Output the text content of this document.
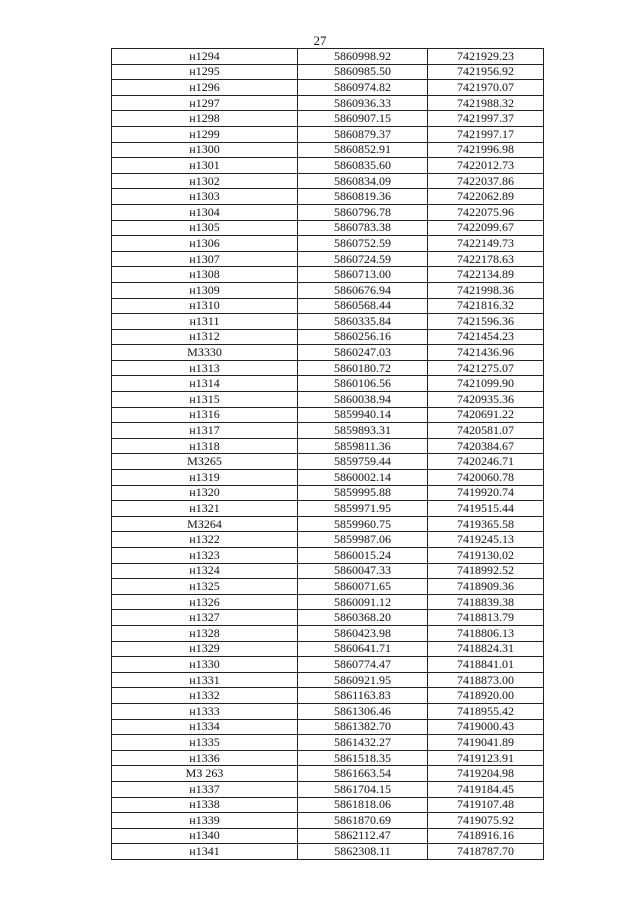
27
н1294	5860998.92	7421929.23
н1295	5860985.50	7421956.92
н1296	5860974.82	7421970.07
н1297	5860936.33	7421988.32
н1298	5860907.15	7421997.37
н1299	5860879.37	7421997.17
н1300	5860852.91	7421996.98
н1301	5860835.60	7422012.73
н1302	5860834.09	7422037.86
н1303	5860819.36	7422062.89
н1304	5860796.78	7422075.96
н1305	5860783.38	7422099.67
н1306	5860752.59	7422149.73
н1307	5860724.59	7422178.63
н1308	5860713.00	7422134.89
н1309	5860676.94	7421998.36
н1310	5860568.44	7421816.32
н1311	5860335.84	7421596.36
н1312	5860256.16	7421454.23
МЗ330	5860247.03	7421436.96
н1313	5860180.72	7421275.07
н1314	5860106.56	7421099.90
н1315	5860038.94	7420935.36
н1316	5859940.14	7420691.22
н1317	5859893.31	7420581.07
н1318	5859811.36	7420384.67
МЗ265	5859759.44	7420246.71
н1319	5860002.14	7420060.78
н1320	5859995.88	7419920.74
н1321	5859971.95	7419515.44
МЗ264	5859960.75	7419365.58
н1322	5859987.06	7419245.13
н1323	5860015.24	7419130.02
н1324	5860047.33	7418992.52
н1325	5860071.65	7418909.36
н1326	5860091.12	7418839.38
н1327	5860368.20	7418813.79
н1328	5860423.98	7418806.13
н1329	5860641.71	7418824.31
н1330	5860774.47	7418841.01
н1331	5860921.95	7418873.00
н1332	5861163.83	7418920.00
н1333	5861306.46	7418955.42
н1334	5861382.70	7419000.43
н1335	5861432.27	7419041.89
н1336	5861518.35	7419123.91
МЗ 263	5861663.54	7419204.98
н1337	5861704.15	7419184.45
н1338	5861818.06	7419107.48
н1339	5861870.69	7419075.92
н1340	5862112.47	7418916.16
н1341	5862308.11	7418787.70
